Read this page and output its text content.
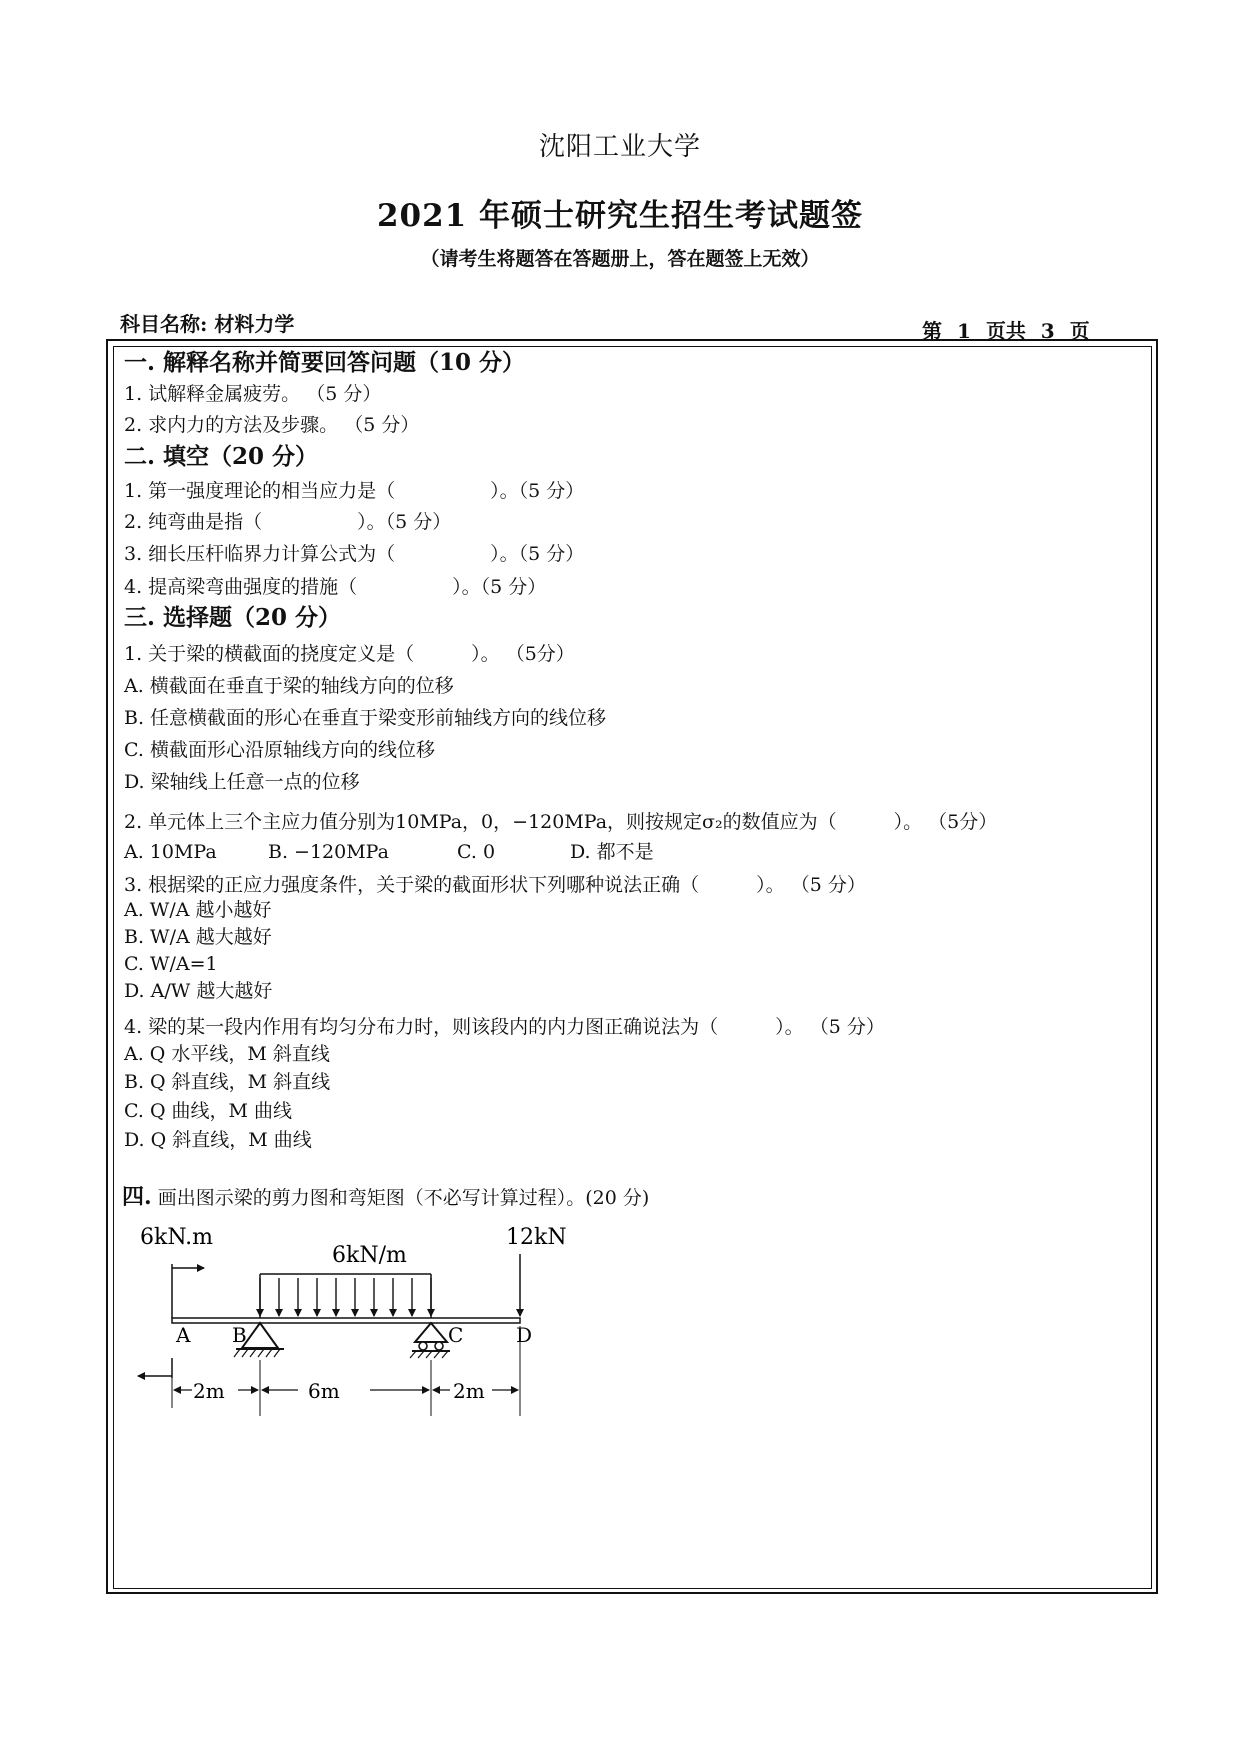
沈阳工业大学
2021 年硕士研究生招生考试题签
（请考生将题答在答题册上，答在题签上无效）
科目名称: 材料力学	第 1 页共 3 页
一. 解释名称并简要回答问题（10 分）
1. 试解释金属疲劳。 （5 分）
2. 求内力的方法及步骤。 （5 分）
二. 填空（20 分）
1. 第一强度理论的相当应力是（　　　　　）。（5 分）
2. 纯弯曲是指（　　　　　）。（5 分）
3. 细长压杆临界力计算公式为（　　　　　）。（5 分）
4. 提高梁弯曲强度的措施（　　　　　）。（5 分）
三. 选择题（20 分）
1. 关于梁的横截面的挠度定义是（　　　）。 （5分）
A. 横截面在垂直于梁的轴线方向的位移
B. 任意横截面的形心在垂直于梁变形前轴线方向的线位移
C. 横截面形心沿原轴线方向的线位移
D. 梁轴线上任意一点的位移
2. 单元体上三个主应力值分别为10MPa，0，−120MPa，则按规定σ₂的数值应为（　　　）。 （5分）
A. 10MPa	B. −120MPa	C. 0	D. 都不是
3. 根据梁的正应力强度条件，关于梁的截面形状下列哪种说法正确（　　　）。 （5 分）
A. W/A 越小越好
B. W/A 越大越好
C. W/A=1
D. A/W 越大越好
4. 梁的某一段内作用有均匀分布力时，则该段内的内力图正确说法为（　　　）。 （5 分）
A. Q 水平线，M 斜直线
B. Q 斜直线，M 斜直线
C. Q 曲线，M 曲线
D. Q 斜直线，M 曲线
四. 画出图示梁的剪力图和弯矩图（不必写计算过程）。(20 分)
6kN.m
6kN/m
12kN
A B	C	D
2m	6m	2m
